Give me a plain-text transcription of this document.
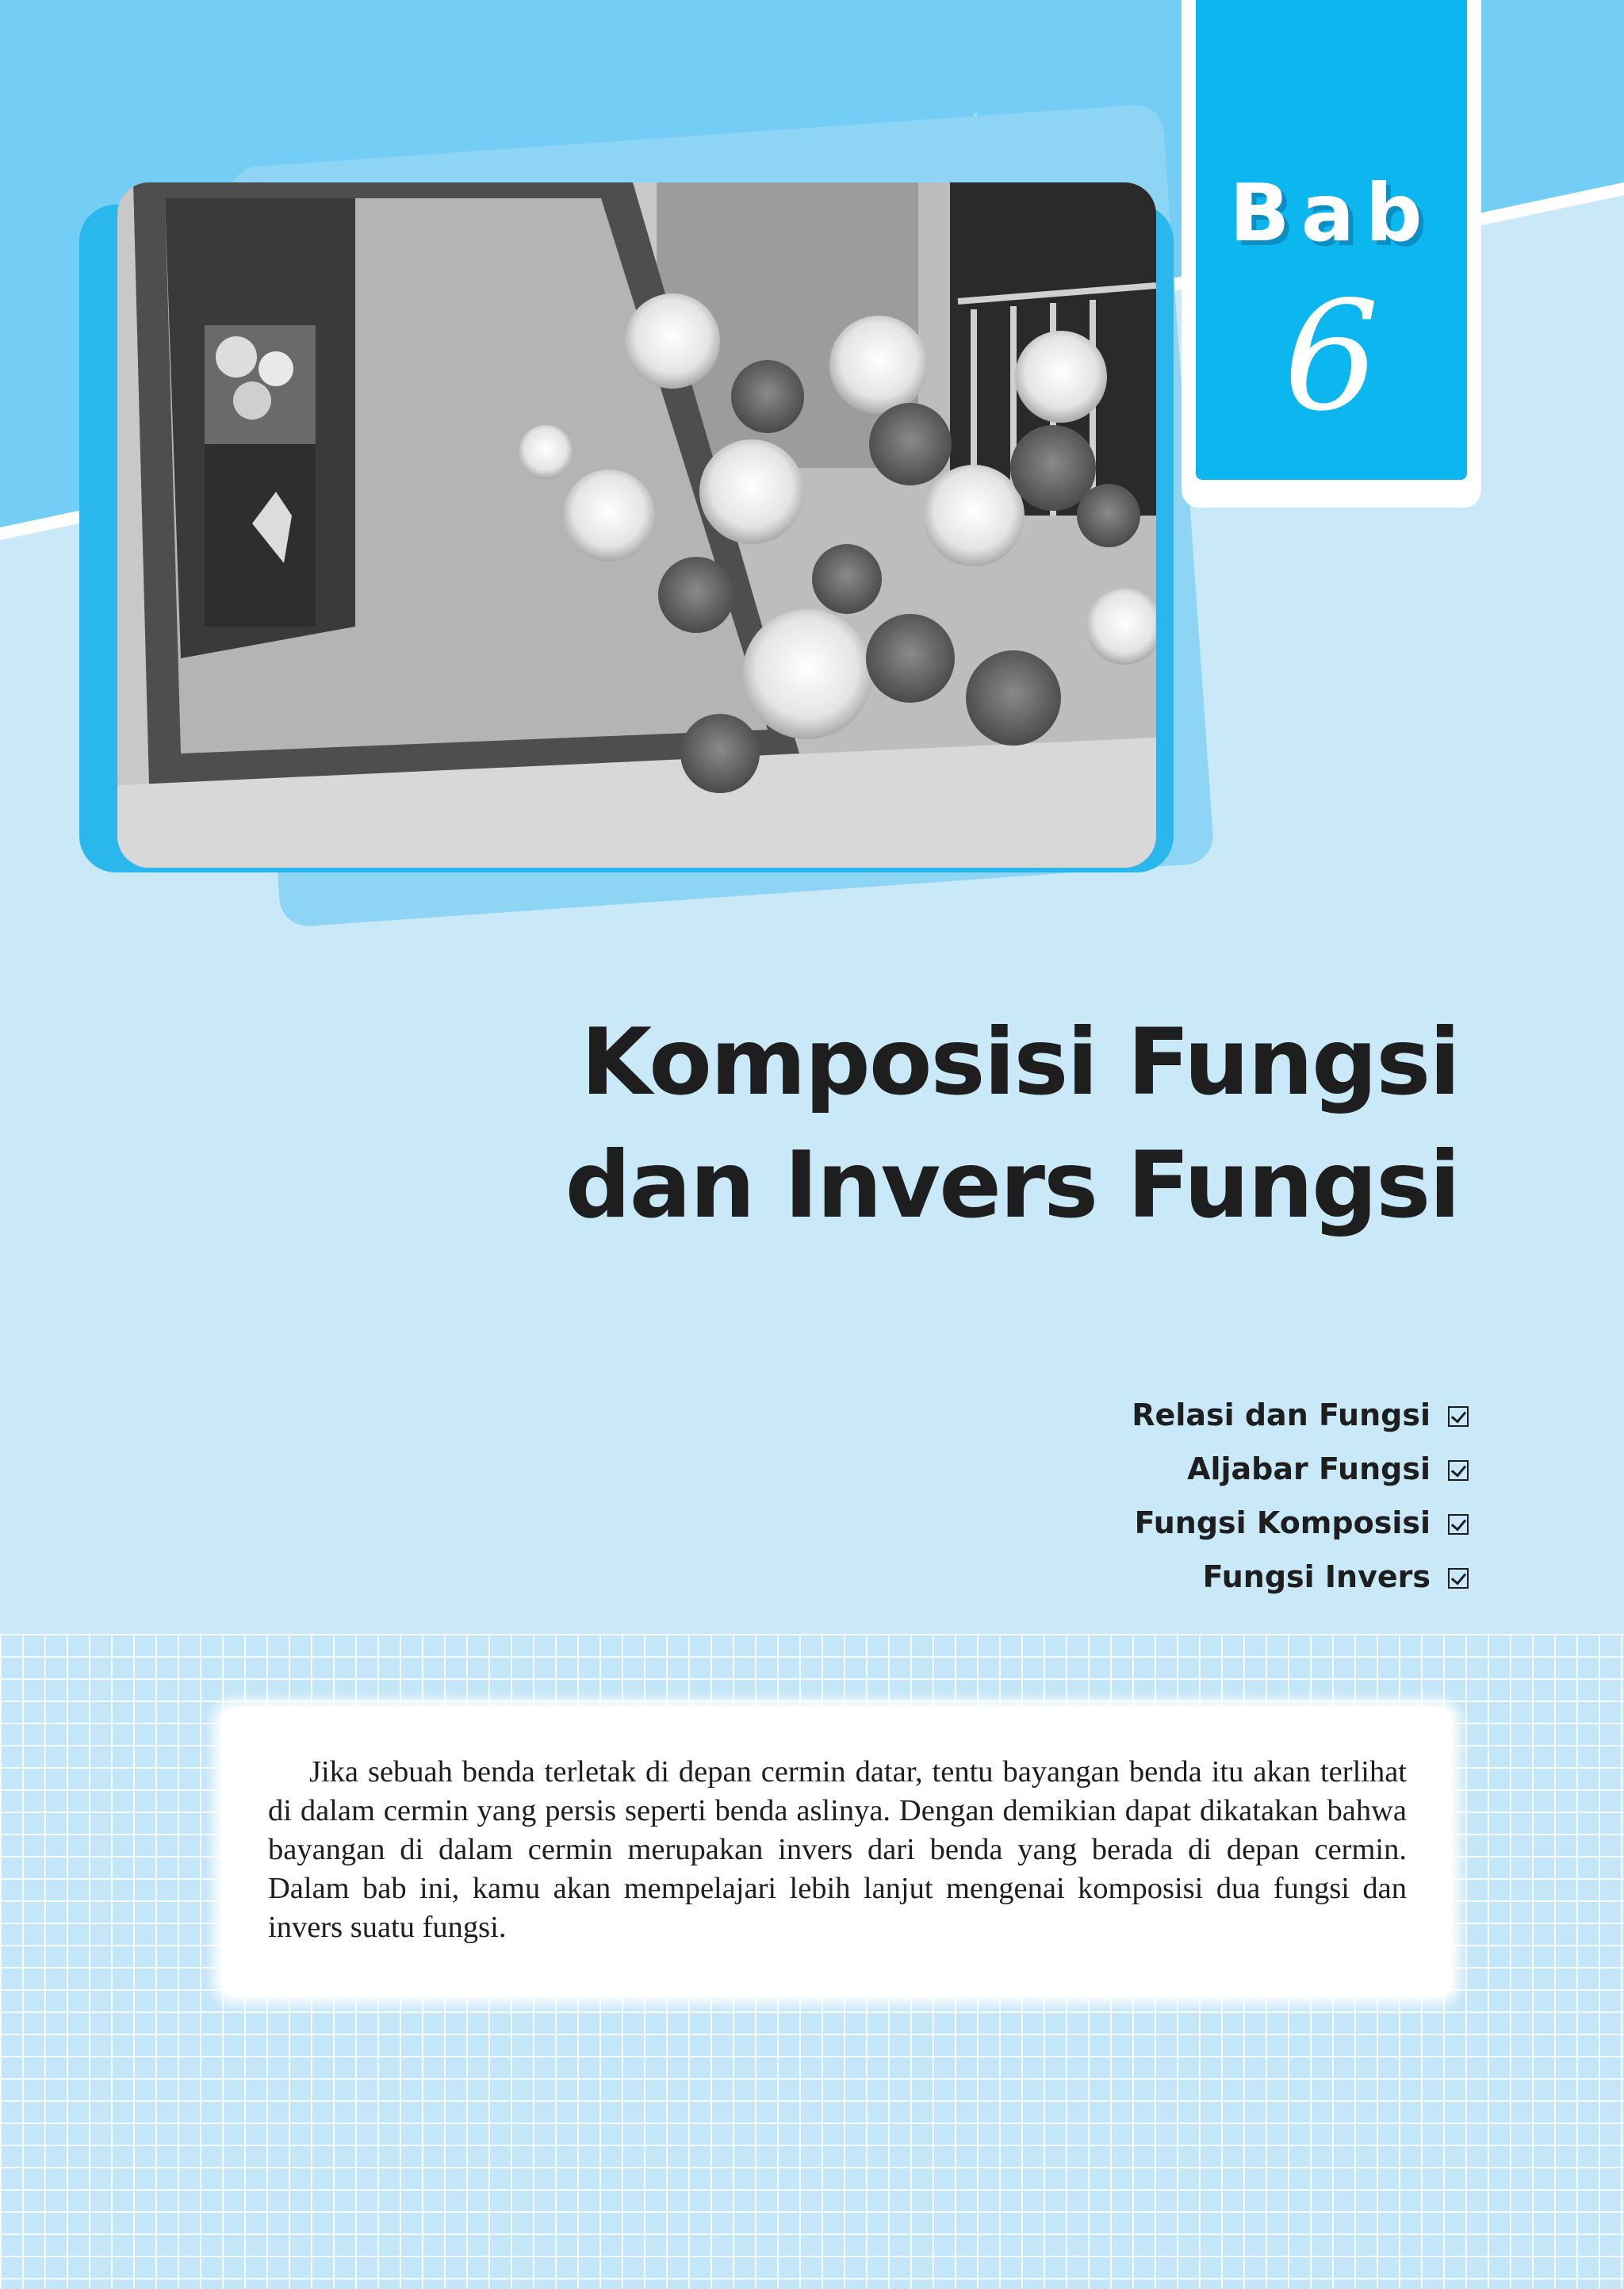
Bab
6
Komposisi Fungsi
dan Invers Fungsi
Relasi dan Fungsi
Aljabar Fungsi
Fungsi Komposisi
Fungsi Invers

Jika sebuah benda terletak di depan cermin datar, tentu bayangan benda itu akan terlihat di dalam cermin yang persis seperti benda aslinya. Dengan demikian dapat dikatakan bahwa bayangan di dalam cermin merupakan invers dari benda yang berada di depan cermin. Dalam bab ini, kamu akan mempelajari lebih lanjut mengenai komposisi dua fungsi dan invers suatu fungsi.
